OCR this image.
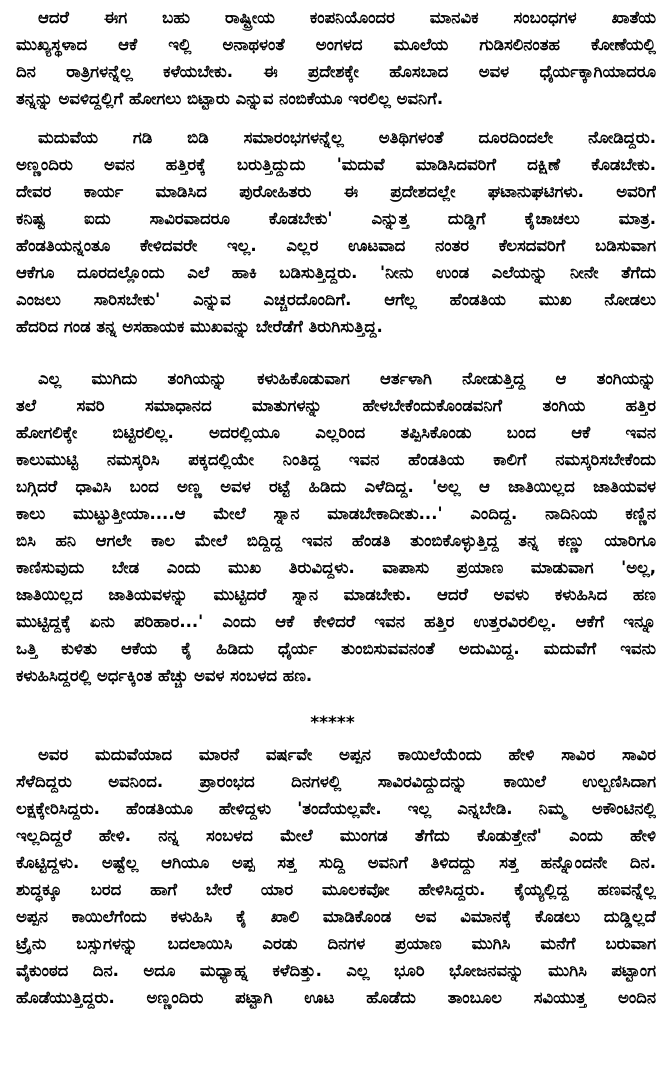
ಆದರೆ ಈಗ ಬಹು ರಾಷ್ಟ್ರೀಯ ಕಂಪನಿಯೊಂದರ ಮಾನವಿಕ ಸಂಬಂಧಗಳ ಖಾತೆಯ
ಮುಖ್ಯಸ್ಥಳಾದ ಆಕೆ ಇಲ್ಲಿ ಅನಾಥಳಂತೆ ಅಂಗಳದ ಮೂಲೆಯ ಗುಡಿಸಲಿನಂತಹ ಕೋಣೆಯಲ್ಲಿ
ದಿನ ರಾತ್ರಿಗಳನ್ನೆಲ್ಲ ಕಳೆಯಬೇಕು. ಈ ಪ್ರದೇಶಕ್ಕೇ ಹೊಸಬಾದ ಅವಳ ಧೈರ್ಯಕ್ಕಾಗಿಯಾದರೂ
ತನ್ನನ್ನು ಅವಳಿದ್ದಲ್ಲಿಗೆ ಹೋಗಲು ಬಿಟ್ಟಾರು ಎನ್ನುವ ನಂಬಿಕೆಯೂ ಇರಲಿಲ್ಲ ಅವನಿಗೆ.
ಮದುವೆಯ ಗಡಿ ಬಿಡಿ ಸಮಾರಂಭಗಳನ್ನೆಲ್ಲ ಅತಿಥಿಗಳಂತೆ ದೂರದಿಂದಲೇ ನೋಡಿದ್ದರು.
ಅಣ್ಣಂದಿರು ಅವನ ಹತ್ತಿರಕ್ಕೆ ಬರುತ್ತಿದ್ದುದು 'ಮದುವೆ ಮಾಡಿಸಿದವರಿಗೆ ದಕ್ಷಿಣೆ ಕೊಡಬೇಕು.
ದೇವರ ಕಾರ್ಯ ಮಾಡಿಸಿದ ಪುರೋಹಿತರು ಈ ಪ್ರದೇಶದಲ್ಲೇ ಘಟಾನುಘಟಿಗಳು. ಅವರಿಗೆ
ಕನಿಷ್ಟ ಐದು ಸಾವಿರವಾದರೂ ಕೊಡಬೇಕು' ಎನ್ನುತ್ತ ದುಡ್ಡಿಗೆ ಕೈಚಾಚಲು ಮಾತ್ರ.
ಹೆಂಡತಿಯನ್ನಂತೂ ಕೇಳಿದವರೇ ಇಲ್ಲ. ಎಲ್ಲರ ಊಟವಾದ ನಂತರ ಕೆಲಸದವರಿಗೆ ಬಡಿಸುವಾಗ
ಆಕೆಗೂ ದೂರದಲ್ಲೊಂದು ಎಲೆ ಹಾಕಿ ಬಡಿಸುತ್ತಿದ್ದರು. 'ನೀನು ಉಂಡ ಎಲೆಯನ್ನು ನೀನೇ ತೆಗೆದು
ಎಂಜಲು ಸಾರಿಸಬೇಕು' ಎನ್ನುವ ಎಚ್ಚರದೊಂದಿಗೆ. ಆಗೆಲ್ಲ ಹೆಂಡತಿಯ ಮುಖ ನೋಡಲು
ಹೆದರಿದ ಗಂಡ ತನ್ನ ಅಸಹಾಯಕ ಮುಖವನ್ನು ಬೇರೆಡೆಗೆ ತಿರುಗಿಸುತ್ತಿದ್ದ.
ಎಲ್ಲ ಮುಗಿದು ತಂಗಿಯನ್ನು ಕಳುಹಿಕೊಡುವಾಗ ಆರ್ತಳಾಗಿ ನೋಡುತ್ತಿದ್ದ ಆ ತಂಗಿಯನ್ನು
ತಲೆ ಸವರಿ ಸಮಾಧಾನದ ಮಾತುಗಳನ್ನು ಹೇಳಬೇಕೆಂದುಕೊಂಡವನಿಗೆ ತಂಗಿಯ ಹತ್ತಿರ
ಹೋಗಲಿಕ್ಕೇ ಬಿಟ್ಟಿರಲಿಲ್ಲ. ಅದರಲ್ಲಿಯೂ ಎಲ್ಲರಿಂದ ತಪ್ಪಿಸಿಕೊಂಡು ಬಂದ ಆಕೆ ಇವನ
ಕಾಲುಮುಟ್ಟಿ ನಮಸ್ಕರಿಸಿ ಪಕ್ಕದಲ್ಲಿಯೇ ನಿಂತಿದ್ದ ಇವನ ಹೆಂಡತಿಯ ಕಾಲಿಗೆ ನಮಸ್ಕರಿಸಬೇಕೆಂದು
ಬಗ್ಗಿದರೆ ಧಾವಿಸಿ ಬಂದ ಅಣ್ಣ ಅವಳ ರಟ್ಟೆ ಹಿಡಿದು ಎಳೆದಿದ್ದ. 'ಅಲ್ಲ ಆ ಜಾತಿಯಿಲ್ಲದ ಜಾತಿಯವಳ
ಕಾಲು ಮುಟ್ಟುತ್ತೀಯಾ....ಆ ಮೇಲೆ ಸ್ನಾನ ಮಾಡಬೇಕಾದೀತು...' ಎಂದಿದ್ದ. ನಾದಿನಿಯ ಕಣ್ಣಿನ
ಬಿಸಿ ಹನಿ ಆಗಲೇ ಕಾಲ ಮೇಲೆ ಬಿದ್ದಿದ್ದ ಇವನ ಹೆಂಡತಿ ತುಂಬಿಕೊಳ್ಳುತ್ತಿದ್ದ ತನ್ನ ಕಣ್ಣು ಯಾರಿಗೂ
ಕಾಣಿಸುವುದು ಬೇಡ ಎಂದು ಮುಖ ತಿರುವಿದ್ದಳು. ವಾಪಾಸು ಪ್ರಯಾಣ ಮಾಡುವಾಗ 'ಅಲ್ಲ,
ಜಾತಿಯಿಲ್ಲದ ಜಾತಿಯವಳನ್ನು ಮುಟ್ಟಿದರೆ ಸ್ನಾನ ಮಾಡಬೇಕು. ಆದರೆ ಅವಳು ಕಳುಹಿಸಿದ ಹಣ
ಮುಟ್ಟಿದ್ದಕ್ಕೆ ಏನು ಪರಿಹಾರ...' ಎಂದು ಆಕೆ ಕೇಳಿದರೆ ಇವನ ಹತ್ತಿರ ಉತ್ತರವಿರಲಿಲ್ಲ. ಆಕೆಗೆ ಇನ್ನೂ
ಒತ್ತಿ ಕುಳಿತು ಆಕೆಯ ಕೈ ಹಿಡಿದು ಧೈರ್ಯ ತುಂಬಿಸುವವನಂತೆ ಅದುಮಿದ್ದ. ಮದುವೆಗೆ ಇವನು
ಕಳುಹಿಸಿದ್ದರಲ್ಲಿ ಅರ್ಧಕ್ಕಿಂತ ಹೆಚ್ಚು ಅವಳ ಸಂಬಳದ ಹಣ.
*****
ಅವರ ಮದುವೆಯಾದ ಮಾರನೆ ವರ್ಷವೇ ಅಪ್ಪನ ಕಾಯಿಲೆಯೆಂದು ಹೇಳಿ ಸಾವಿರ ಸಾವಿರ
ಸೆಳೆದಿದ್ದರು ಅವನಿಂದ. ಪ್ರಾರಂಭದ ದಿನಗಳಲ್ಲಿ ಸಾವಿರವಿದ್ದುದನ್ನು ಕಾಯಿಲೆ ಉಲ್ಬಣಿಸಿದಾಗ
ಲಕ್ಷಕ್ಕೇರಿಸಿದ್ದರು. ಹೆಂಡತಿಯೂ ಹೇಳಿದ್ದಳು 'ತಂದೆಯಲ್ಲವೇ. ಇಲ್ಲ ಎನ್ನಬೇಡಿ. ನಿಮ್ಮ ಅಕೌಂಟಿನಲ್ಲಿ
ಇಲ್ಲದಿದ್ದರೆ ಹೇಳಿ. ನನ್ನ ಸಂಬಳದ ಮೇಲೆ ಮುಂಗಡ ತೆಗೆದು ಕೊಡುತ್ತೇನೆ' ಎಂದು ಹೇಳಿ
ಕೊಟ್ಟಿದ್ದಳು. ಅಷ್ಟೆಲ್ಲ ಆಗಿಯೂ ಅಪ್ಪ ಸತ್ತ ಸುದ್ದಿ ಅವನಿಗೆ ತಿಳಿದದ್ದು ಸತ್ತ ಹನ್ನೊಂದನೇ ದಿನ.
ಶುದ್ಧಕ್ಕೂ ಬರದ ಹಾಗೆ ಬೇರೆ ಯಾರ ಮೂಲಕವೋ ಹೇಳಿಸಿದ್ದರು. ಕೈಯ್ಯಲ್ಲಿದ್ದ ಹಣವನ್ನೆಲ್ಲ
ಅಪ್ಪನ ಕಾಯಿಲೆಗೆಂದು ಕಳುಹಿಸಿ ಕೈ ಖಾಲಿ ಮಾಡಿಕೊಂಡ ಅವ ವಿಮಾನಕ್ಕೆ ಕೊಡಲು ದುಡ್ಡಿಲ್ಲದೆ
ಟ್ರೈನು ಬಸ್ಸುಗಳನ್ನು ಬದಲಾಯಿಸಿ ಎರಡು ದಿನಗಳ ಪ್ರಯಾಣ ಮುಗಿಸಿ ಮನೆಗೆ ಬರುವಾಗ
ವೈಕುಂಠದ ದಿನ. ಅದೂ ಮಧ್ಯಾಹ್ನ ಕಳೆದಿತ್ತು. ಎಲ್ಲ ಭೂರಿ ಭೋಜನವನ್ನು ಮುಗಿಸಿ ಪಟ್ಟಾಂಗ
ಹೊಡೆಯುತ್ತಿದ್ದರು. ಅಣ್ಣಂದಿರು ಪಟ್ಟಾಗಿ ಊಟ ಹೊಡೆದು ತಾಂಬೂಲ ಸವಿಯುತ್ತ ಅಂದಿನ
